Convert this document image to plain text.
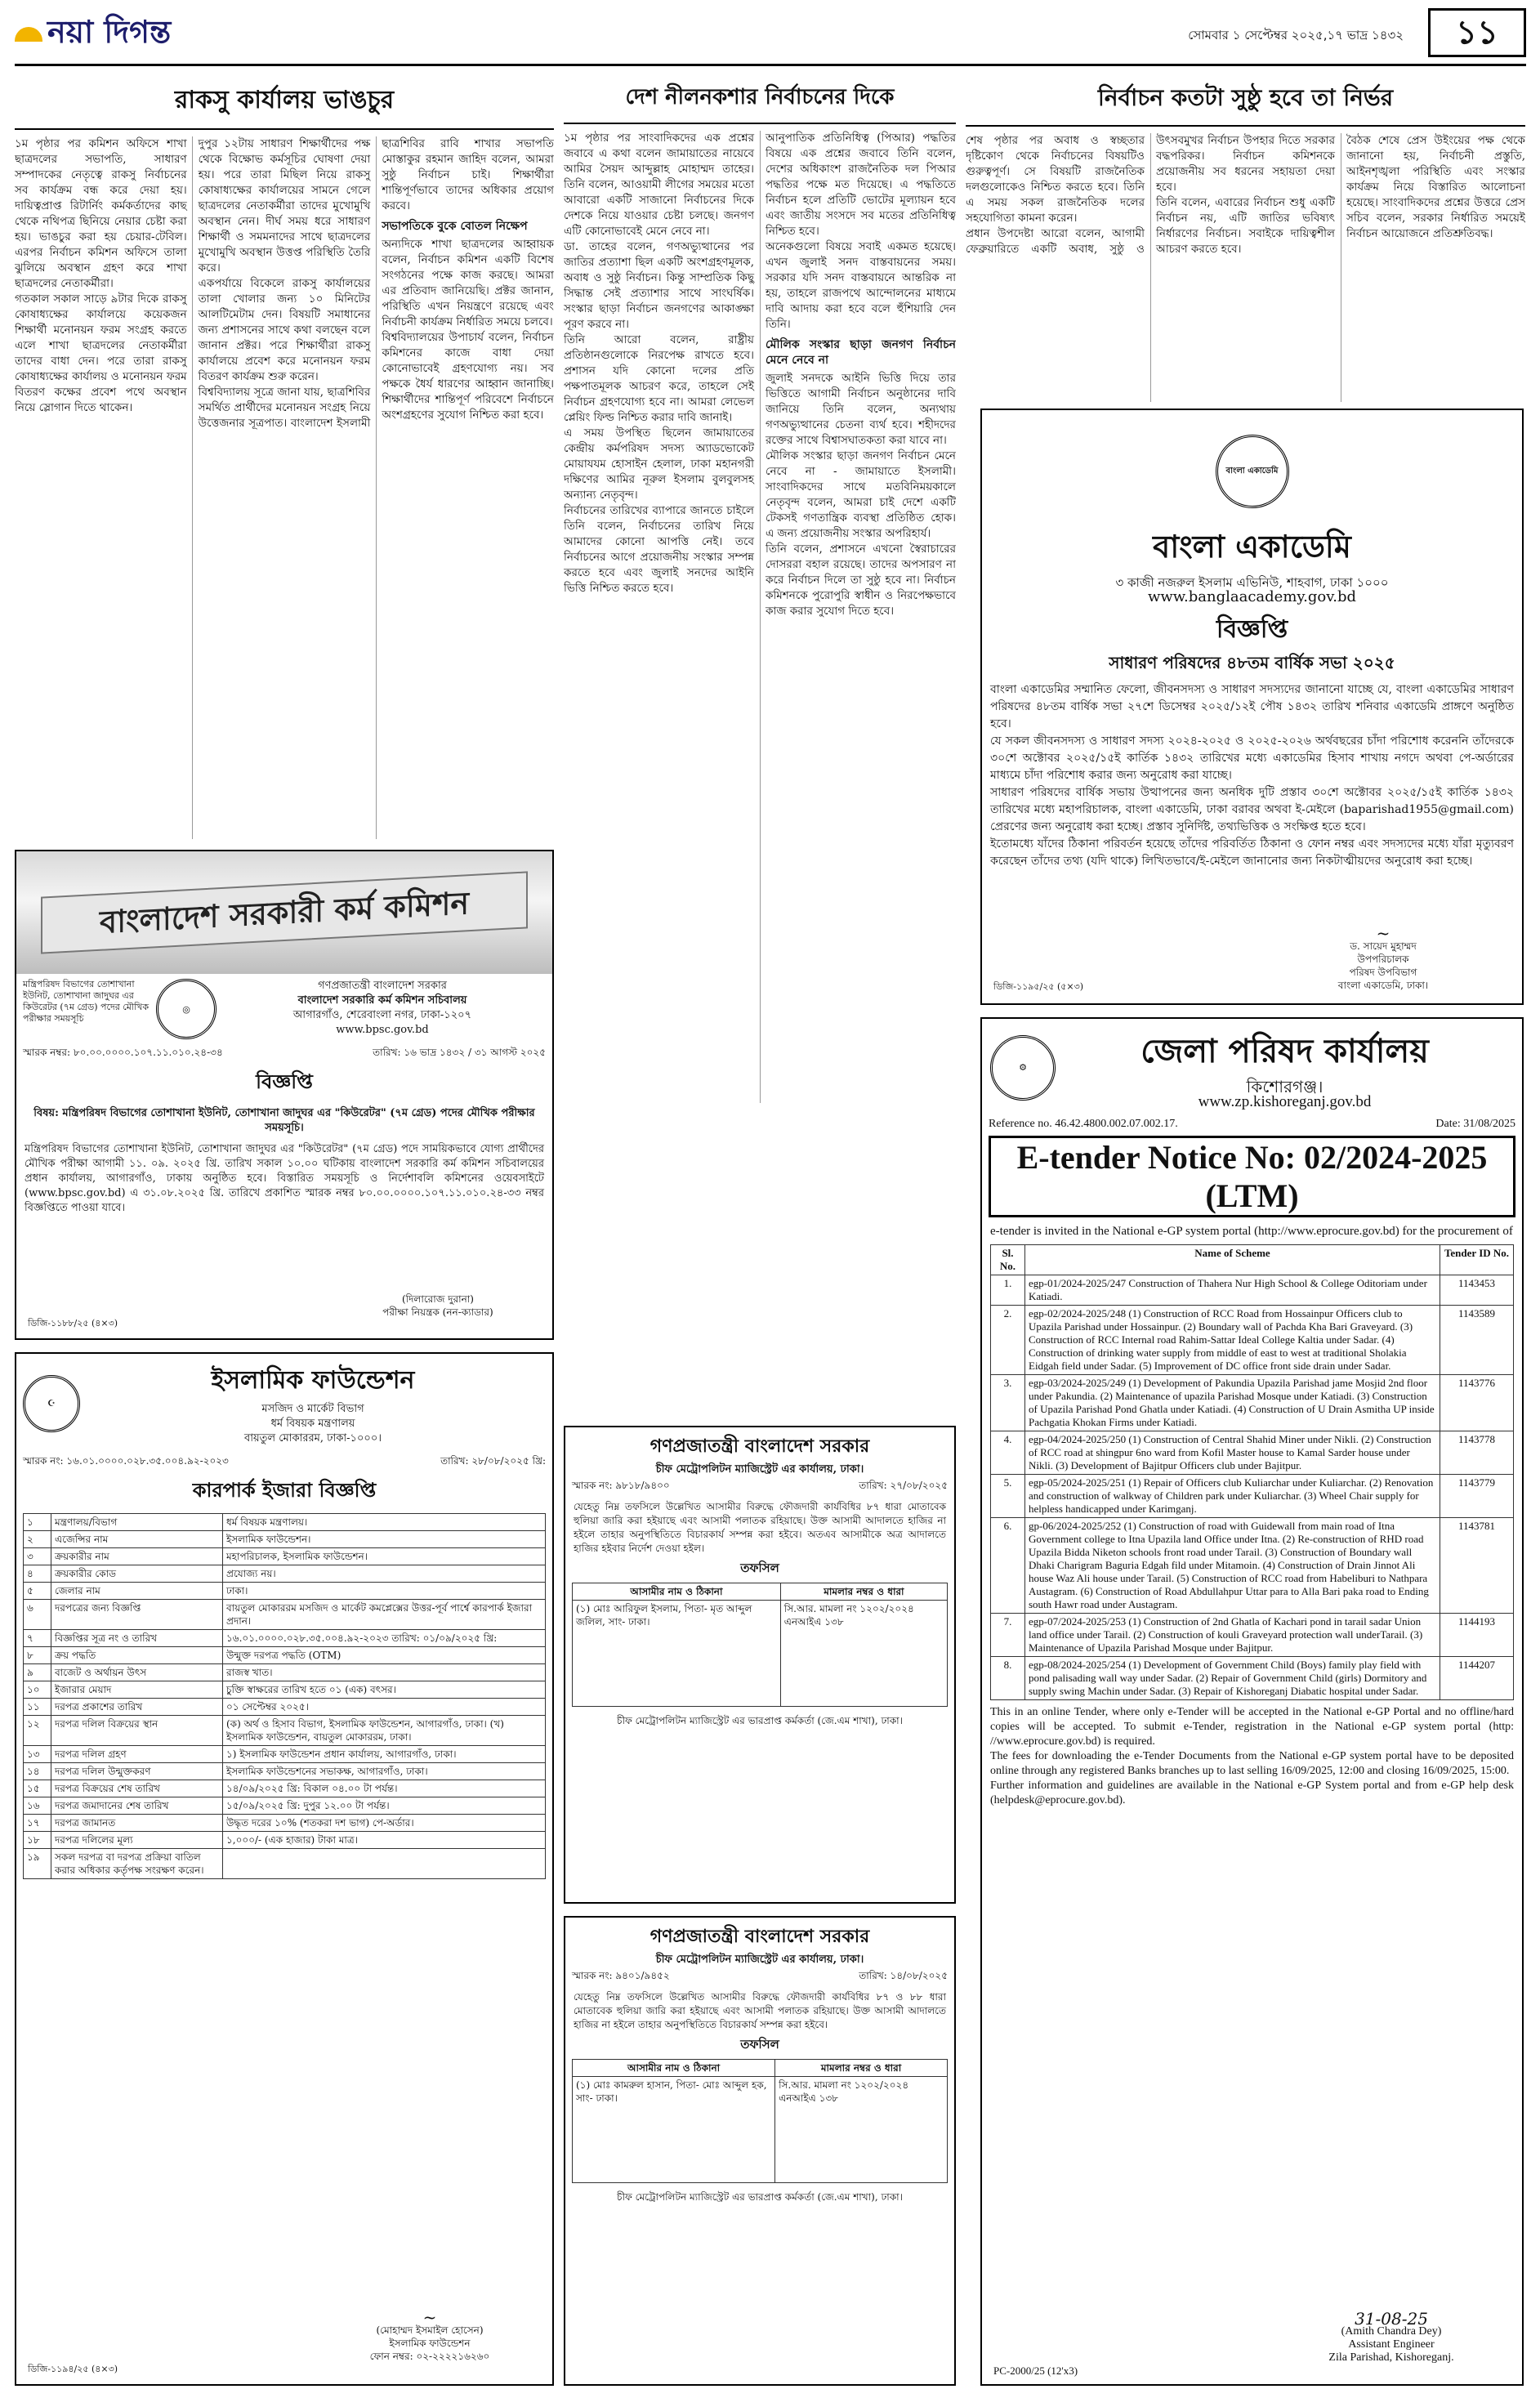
নয়া দিগন্ত	সোমবার ১ সেপ্টেম্বর ২০২৫,১৭ ভাদ্র ১৪৩২	১১
রাকসু কার্যালয় ভাঙচুর

১ম পৃষ্ঠার পর কমিশন অফিসে শাখা ছাত্রদলের সভাপতি, সাধারণ সম্পাদকের নেতৃত্বে রাকসু নির্বাচনের সব কার্যক্রম বন্ধ করে দেয়া হয়। দায়িত্বপ্রাপ্ত রিটার্নিং কর্মকর্তাদের কাছ থেকে নথিপত্র ছিনিয়ে নেয়ার চেষ্টা করা হয়। ভাঙচুর করা হয় চেয়ার-টেবিল। এরপর নির্বাচন কমিশন অফিসে তালা ঝুলিয়ে অবস্থান গ্রহণ করে শাখা ছাত্রদলের নেতাকর্মীরা।

গতকাল সকাল সাড়ে ৯টার দিকে রাকসু কোষাধ্যক্ষের কার্যালয়ে কয়েকজন শিক্ষার্থী মনোনয়ন ফরম সংগ্রহ করতে এলে শাখা ছাত্রদলের নেতাকর্মীরা তাদের বাধা দেন। পরে তারা রাকসু কোষাধ্যক্ষের কার্যালয় ও মনোনয়ন ফরম বিতরণ কক্ষের প্রবেশ পথে অবস্থান নিয়ে স্লোগান দিতে থাকেন।

দুপুর ১২টায় সাধারণ শিক্ষার্থীদের পক্ষ থেকে বিক্ষোভ কর্মসূচির ঘোষণা দেয়া হয়। পরে তারা মিছিল নিয়ে রাকসু কোষাধ্যক্ষের কার্যালয়ের সামনে গেলে ছাত্রদলের নেতাকর্মীরা তাদের মুখোমুখি অবস্থান নেন। দীর্ঘ সময় ধরে সাধারণ শিক্ষার্থী ও সমমনাদের সাথে ছাত্রদলের মুখোমুখি অবস্থান উত্তপ্ত পরিস্থিতি তৈরি করে।

একপর্যায়ে বিকেলে রাকসু কার্যালয়ের তালা খোলার জন্য ১০ মিনিটের আলটিমেটাম দেন। বিষয়টি সমাধানের জন্য প্রশাসনের সাথে কথা বলছেন বলে জানান প্রক্টর। পরে শিক্ষার্থীরা রাকসু কার্যালয়ে প্রবেশ করে মনোনয়ন ফরম বিতরণ কার্যক্রম শুরু করেন।

বিশ্ববিদ্যালয় সূত্রে জানা যায়, ছাত্রশিবির সমর্থিত প্রার্থীদের মনোনয়ন সংগ্রহ নিয়ে উত্তেজনার সূত্রপাত। বাংলাদেশ ইসলামী ছাত্রশিবির রাবি শাখার সভাপতি মোস্তাকুর রহমান জাহিদ বলেন, আমরা সুষ্ঠু নির্বাচন চাই। শিক্ষার্থীরা শান্তিপূর্ণভাবে তাদের অধিকার প্রয়োগ করবে।

সভাপতিকে বুকে বোতল নিক্ষেপ

অন্যদিকে শাখা ছাত্রদলের আহ্বায়ক বলেন, নির্বাচন কমিশন একটি বিশেষ সংগঠনের পক্ষে কাজ করছে। আমরা এর প্রতিবাদ জানিয়েছি। প্রক্টর জানান, পরিস্থিতি এখন নিয়ন্ত্রণে রয়েছে এবং নির্বাচনী কার্যক্রম নির্ধারিত সময়ে চলবে।

বিশ্ববিদ্যালয়ের উপাচার্য বলেন, নির্বাচন কমিশনের কাজে বাধা দেয়া কোনোভাবেই গ্রহণযোগ্য নয়। সব পক্ষকে ধৈর্য ধারণের আহ্বান জানাচ্ছি। শিক্ষার্থীদের শান্তিপূর্ণ পরিবেশে নির্বাচনে অংশগ্রহণের সুযোগ নিশ্চিত করা হবে।

দেশ নীলনকশার নির্বাচনের দিকে

১ম পৃষ্ঠার পর সাংবাদিকদের এক প্রশ্নের জবাবে এ কথা বলেন জামায়াতের নায়েবে আমির সৈয়দ আব্দুল্লাহ মোহাম্মদ তাহের। তিনি বলেন, আওয়ামী লীগের সময়ের মতো আবারো একটি সাজানো নির্বাচনের দিকে দেশকে নিয়ে যাওয়ার চেষ্টা চলছে। জনগণ এটি কোনোভাবেই মেনে নেবে না।

ডা. তাহের বলেন, গণঅভ্যুত্থানের পর জাতির প্রত্যাশা ছিল একটি অংশগ্রহণমূলক, অবাধ ও সুষ্ঠু নির্বাচন। কিন্তু সাম্প্রতিক কিছু সিদ্ধান্ত সেই প্রত্যাশার সাথে সাংঘর্ষিক। সংস্কার ছাড়া নির্বাচন জনগণের আকাঙ্ক্ষা পূরণ করবে না।

তিনি আরো বলেন, রাষ্ট্রীয় প্রতিষ্ঠানগুলোকে নিরপেক্ষ রাখতে হবে। প্রশাসন যদি কোনো দলের প্রতি পক্ষপাতমূলক আচরণ করে, তাহলে সেই নির্বাচন গ্রহণযোগ্য হবে না। আমরা লেভেল প্লেয়িং ফিল্ড নিশ্চিত করার দাবি জানাই।

এ সময় উপস্থিত ছিলেন জামায়াতের কেন্দ্রীয় কর্মপরিষদ সদস্য অ্যাডভোকেট মোয়াযযম হোসাইন হেলাল, ঢাকা মহানগরী দক্ষিণের আমির নূরুল ইসলাম বুলবুলসহ অন্যান্য নেতৃবৃন্দ।

নির্বাচনের তারিখের ব্যাপারে জানতে চাইলে তিনি বলেন, নির্বাচনের তারিখ নিয়ে আমাদের কোনো আপত্তি নেই। তবে নির্বাচনের আগে প্রয়োজনীয় সংস্কার সম্পন্ন করতে হবে এবং জুলাই সনদের আইনি ভিত্তি নিশ্চিত করতে হবে।

আনুপাতিক প্রতিনিধিত্ব (পিআর) পদ্ধতির বিষয়ে এক প্রশ্নের জবাবে তিনি বলেন, দেশের অধিকাংশ রাজনৈতিক দল পিআর পদ্ধতির পক্ষে মত দিয়েছে। এ পদ্ধতিতে নির্বাচন হলে প্রতিটি ভোটের মূল্যায়ন হবে এবং জাতীয় সংসদে সব মতের প্রতিনিধিত্ব নিশ্চিত হবে।

অনেকগুলো বিষয়ে সবাই একমত হয়েছে। এখন জুলাই সনদ বাস্তবায়নের সময়। সরকার যদি সনদ বাস্তবায়নে আন্তরিক না হয়, তাহলে রাজপথে আন্দোলনের মাধ্যমে দাবি আদায় করা হবে বলে হুঁশিয়ারি দেন তিনি।

মৌলিক সংস্কার ছাড়া জনগণ নির্বাচন মেনে নেবে না

জুলাই সনদকে আইনি ভিত্তি দিয়ে তার ভিত্তিতে আগামী নির্বাচন অনুষ্ঠানের দাবি জানিয়ে তিনি বলেন, অন্যথায় গণঅভ্যুত্থানের চেতনা ব্যর্থ হবে। শহীদদের রক্তের সাথে বিশ্বাসঘাতকতা করা যাবে না।

মৌলিক সংস্কার ছাড়া জনগণ নির্বাচন মেনে নেবে না - জামায়াতে ইসলামী। সাংবাদিকদের সাথে মতবিনিময়কালে নেতৃবৃন্দ বলেন, আমরা চাই দেশে একটি টেকসই গণতান্ত্রিক ব্যবস্থা প্রতিষ্ঠিত হোক। এ জন্য প্রয়োজনীয় সংস্কার অপরিহার্য।

তিনি বলেন, প্রশাসনে এখনো স্বৈরাচারের দোসররা বহাল রয়েছে। তাদের অপসারণ না করে নির্বাচন দিলে তা সুষ্ঠু হবে না। নির্বাচন কমিশনকে পুরোপুরি স্বাধীন ও নিরপেক্ষভাবে কাজ করার সুযোগ দিতে হবে।

নির্বাচন কতটা সুষ্ঠু হবে তা নির্ভর

শেষ পৃষ্ঠার পর অবাধ ও স্বচ্ছতার দৃষ্টিকোণ থেকে নির্বাচনের বিষয়টিও গুরুত্বপূর্ণ। সে বিষয়টি রাজনৈতিক দলগুলোকেও নিশ্চিত করতে হবে। তিনি এ সময় সকল রাজনৈতিক দলের সহযোগিতা কামনা করেন।

প্রধান উপদেষ্টা আরো বলেন, আগামী ফেব্রুয়ারিতে একটি অবাধ, সুষ্ঠু ও উৎসবমুখর নির্বাচন উপহার দিতে সরকার বদ্ধপরিকর। নির্বাচন কমিশনকে প্রয়োজনীয় সব ধরনের সহায়তা দেয়া হবে।

তিনি বলেন, এবারের নির্বাচন শুধু একটি নির্বাচন নয়, এটি জাতির ভবিষ্যৎ নির্ধারণের নির্বাচন। সবাইকে দায়িত্বশীল আচরণ করতে হবে।

বৈঠক শেষে প্রেস উইংয়ের পক্ষ থেকে জানানো হয়, নির্বাচনী প্রস্তুতি, আইনশৃঙ্খলা পরিস্থিতি এবং সংস্কার কার্যক্রম নিয়ে বিস্তারিত আলোচনা হয়েছে। সাংবাদিকদের প্রশ্নের উত্তরে প্রেস সচিব বলেন, সরকার নির্ধারিত সময়েই নির্বাচন আয়োজনে প্রতিশ্রুতিবদ্ধ।

বাংলা একাডেমি
বাংলা একাডেমি
৩ কাজী নজরুল ইসলাম এভিনিউ, শাহবাগ, ঢাকা ১০০০
www.banglaacademy.gov.bd
বিজ্ঞপ্তি
সাধারণ পরিষদের ৪৮তম বার্ষিক সভা ২০২৫

বাংলা একাডেমির সম্মানিত ফেলো, জীবনসদস্য ও সাধারণ সদস্যদের জানানো যাচ্ছে যে, বাংলা একাডেমির সাধারণ পরিষদের ৪৮তম বার্ষিক সভা ২৭শে ডিসেম্বর ২০২৫/১২ই পৌষ ১৪৩২ তারিখ শনিবার একাডেমি প্রাঙ্গণে অনুষ্ঠিত হবে।

যে সকল জীবনসদস্য ও সাধারণ সদস্য ২০২৪-২০২৫ ও ২০২৫-২০২৬ অর্থবছরের চাঁদা পরিশোধ করেননি তাঁদেরকে ৩০শে অক্টোবর ২০২৫/১৫ই কার্তিক ১৪৩২ তারিখের মধ্যে একাডেমির হিসাব শাখায় নগদে অথবা পে-অর্ডারের মাধ্যমে চাঁদা পরিশোধ করার জন্য অনুরোধ করা যাচ্ছে।

সাধারণ পরিষদের বার্ষিক সভায় উত্থাপনের জন্য অনধিক দুটি প্রস্তাব ৩০শে অক্টোবর ২০২৫/১৫ই কার্তিক ১৪৩২ তারিখের মধ্যে মহাপরিচালক, বাংলা একাডেমি, ঢাকা বরাবর অথবা ই-মেইলে (baparishad1955@gmail.com) প্রেরণের জন্য অনুরোধ করা হচ্ছে। প্রস্তাব সুনির্দিষ্ট, তথ্যভিত্তিক ও সংক্ষিপ্ত হতে হবে।

ইতোমধ্যে যাঁদের ঠিকানা পরিবর্তন হয়েছে তাঁদের পরিবর্তিত ঠিকানা ও ফোন নম্বর এবং সদস্যদের মধ্যে যাঁরা মৃত্যুবরণ করেছেন তাঁদের তথ্য (যদি থাকে) লিখিতভাবে/ই-মেইলে জানানোর জন্য নিকটাত্মীয়দের অনুরোধ করা হচ্ছে।

~
ড. সায়েদ মুহাম্মদ
উপপরিচালক
পরিষদ উপবিভাগ
বাংলা একাডেমি, ঢাকা।
ডিজি-১১৯৫/২৫ (৫×৩)
বাংলাদেশ সরকারী কর্ম কমিশন
মন্ত্রিপরিষদ বিভাগের তোশাখানা ইউনিট, তোশাখানা জাদুঘর এর কিউরেটর (৭ম গ্রেড) পদের মৌখিক পরীক্ষার সময়সূচি
◎
গণপ্রজাতন্ত্রী বাংলাদেশ সরকার
বাংলাদেশ সরকারি কর্ম কমিশন সচিবালয়
আগারগাঁও, শেরেবাংলা নগর, ঢাকা-১২০৭
www.bpsc.gov.bd
স্মারক নম্বর: ৮০.০০.০০০০.১০৭.১১.০১০.২৪-৩৪	তারিখ: ১৬ ভাদ্র ১৪৩২ / ৩১ আগস্ট ২০২৫
বিজ্ঞপ্তি
বিষয়: মন্ত্রিপরিষদ বিভাগের তোশাখানা ইউনিট, তোশাখানা জাদুঘর এর "কিউরেটর" (৭ম গ্রেড) পদের মৌখিক পরীক্ষার সময়সূচি।
মন্ত্রিপরিষদ বিভাগের তোশাখানা ইউনিট, তোশাখানা জাদুঘর এর "কিউরেটর" (৭ম গ্রেড) পদে সাময়িকভাবে যোগ্য প্রার্থীদের মৌখিক পরীক্ষা আগামী ১১. ০৯. ২০২৫ খ্রি. তারিখ সকাল ১০.০০ ঘটিকায় বাংলাদেশ সরকারি কর্ম কমিশন সচিবালয়ের প্রধান কার্যালয়, আগারগাঁও, ঢাকায় অনুষ্ঠিত হবে। বিস্তারিত সময়সূচি ও নির্দেশাবলি কমিশনের ওয়েবসাইটে (www.bpsc.gov.bd) এ ৩১.০৮.২০২৫ খ্রি. তারিখে প্রকাশিত স্মারক নম্বর ৮০.০০.০০০০.১০৭.১১.০১০.২৪-৩৩ নম্বর বিজ্ঞপ্তিতে পাওয়া যাবে।
(দিলারোজ দুরানা)
পরীক্ষা নিয়ন্ত্রক (নন-ক্যাডার)
ডিজি-১১৮৮/২৫ (৪×৩)
☪
ইসলামিক ফাউন্ডেশন
মসজিদ ও মার্কেট বিভাগ
ধর্ম বিষয়ক মন্ত্রণালয়
বায়তুল মোকাররম, ঢাকা-১০০০।
স্মারক নং: ১৬.০১.০০০০.০২৮.৩৫.০০৪.৯২-২০২৩	তারিখ: ২৮/০৮/২০২৫ খ্রি:
কারপার্ক ইজারা বিজ্ঞপ্তি
১	মন্ত্রণালয়/বিভাগ	ধর্ম বিষয়ক মন্ত্রণালয়।
২	এজেন্সির নাম	ইসলামিক ফাউন্ডেশন।
৩	ক্রয়কারীর নাম	মহাপরিচালক, ইসলামিক ফাউন্ডেশন।
৪	ক্রয়কারীর কোড	প্রযোজ্য নয়।
৫	জেলার নাম	ঢাকা।
৬	দরপত্রের জন্য বিজ্ঞপ্তি	বায়তুল মোকাররম মসজিদ ও মার্কেট কমপ্লেক্সের উত্তর-পূর্ব পার্শ্বে কারপার্ক ইজারা প্রদান।
৭	বিজ্ঞপ্তির সূত্র নং ও তারিখ	১৬.০১.০০০০.০২৮.৩৫.০০৪.৯২-২০২৩ তারিখ: ০১/০৯/২০২৫ খ্রি:
৮	ক্রয় পদ্ধতি	উন্মুক্ত দরপত্র পদ্ধতি (OTM)
৯	বাজেট ও অর্থায়ন উৎস	রাজস্ব খাত।
১০	ইজারার মেয়াদ	চুক্তি স্বাক্ষরের তারিখ হতে ০১ (এক) বৎসর।
১১	দরপত্র প্রকাশের তারিখ	০১ সেপ্টেম্বর ২০২৫।
১২	দরপত্র দলিল বিক্রয়ের স্থান	(ক) অর্থ ও হিসাব বিভাগ, ইসলামিক ফাউন্ডেশন, আগারগাঁও, ঢাকা। (খ) ইসলামিক ফাউন্ডেশন, বায়তুল মোকাররম, ঢাকা।
১৩	দরপত্র দলিল গ্রহণ	১) ইসলামিক ফাউন্ডেশন প্রধান কার্যালয়, আগারগাঁও, ঢাকা।
১৪	দরপত্র দলিল উন্মুক্তকরণ	ইসলামিক ফাউন্ডেশনের সভাকক্ষ, আগারগাঁও, ঢাকা।
১৫	দরপত্র বিক্রয়ের শেষ তারিখ	১৪/০৯/২০২৫ খ্রি: বিকাল ০৪.০০ টা পর্যন্ত।
১৬	দরপত্র জমাদানের শেষ তারিখ	১৫/০৯/২০২৫ খ্রি: দুপুর ১২.০০ টা পর্যন্ত।
১৭	দরপত্র জামানত	উদ্ধৃত দরের ১০% (শতকরা দশ ভাগ) পে-অর্ডার।
১৮	দরপত্র দলিলের মূল্য	১,০০০/- (এক হাজার) টাকা মাত্র।
১৯	সকল দরপত্র বা দরপত্র প্রক্রিয়া বাতিল করার অধিকার কর্তৃপক্ষ সংরক্ষণ করেন।	
~
(মোহাম্মদ ইসমাইল হোসেন)
ইসলামিক ফাউন্ডেশন
ফোন নম্বর: ০২-২২২২১৬২৬০
ডিজি-১১৯৪/২৫ (৪×৩)
গণপ্রজাতন্ত্রী বাংলাদেশ সরকার
চীফ মেট্রোপলিটন ম্যাজিস্ট্রেট এর কার্যালয়, ঢাকা।
স্মারক নং: ৯৮১৮/৯৪০০	তারিখ: ২৭/০৮/২০২৫
যেহেতু নিম্ন তফসিলে উল্লেখিত আসামীর বিরুদ্ধে ফৌজদারী কার্যবিধির ৮৭ ধারা মোতাবেক হুলিয়া জারি করা হইয়াছে এবং আসামী পলাতক রহিয়াছে। উক্ত আসামী আদালতে হাজির না হইলে তাহার অনুপস্থিতিতে বিচারকার্য সম্পন্ন করা হইবে। অতএব আসামীকে অত্র আদালতে হাজির হইবার নির্দেশ দেওয়া হইল।
তফসিল
আসামীর নাম ও ঠিকানা	মামলার নম্বর ও ধারা
(১) মোঃ আরিফুল ইসলাম, পিতা- মৃত আব্দুল জলিল, সাং- ঢাকা।	সি.আর. মামলা নং ১২০২/২০২৪ এনআইএ ১৩৮
চীফ মেট্রোপলিটন ম্যাজিস্ট্রেট এর ভারপ্রাপ্ত কর্মকর্তা (জে.এম শাখা), ঢাকা।
গণপ্রজাতন্ত্রী বাংলাদেশ সরকার
চীফ মেট্রোপলিটন ম্যাজিস্ট্রেট এর কার্যালয়, ঢাকা।
স্মারক নং: ৯৪০১/৯৪৫২	তারিখ: ১৪/০৮/২০২৫
যেহেতু নিম্ন তফসিলে উল্লেখিত আসামীর বিরুদ্ধে ফৌজদারী কার্যবিধির ৮৭ ও ৮৮ ধারা মোতাবেক হুলিয়া জারি করা হইয়াছে এবং আসামী পলাতক রহিয়াছে। উক্ত আসামী আদালতে হাজির না হইলে তাহার অনুপস্থিতিতে বিচারকার্য সম্পন্ন করা হইবে।
তফসিল
আসামীর নাম ও ঠিকানা	মামলার নম্বর ও ধারা
(১) মোঃ কামরুল হাসান, পিতা- মোঃ আব্দুল হক, সাং- ঢাকা।	সি.আর. মামলা নং ১২০২/২০২৪ এনআইএ ১৩৮
চীফ মেট্রোপলিটন ম্যাজিস্ট্রেট এর ভারপ্রাপ্ত কর্মকর্তা (জে.এম শাখা), ঢাকা।
⚙	জেলা পরিষদ কার্যালয়
কিশোরগঞ্জ।
www.zp.kishoreganj.gov.bd
Reference no. 46.42.4800.002.07.002.17.	Date: 31/08/2025
E-tender Notice No: 02/2024-2025 (LTM)
e-tender is invited in the National e-GP system portal (http://www.eprocure.gov.bd) for the procurement of
Sl. No.	Name of Scheme	Tender ID No.
1.	egp-01/2024-2025/247 Construction of Thahera Nur High School & College Oditoriam under Katiadi.	1143453
2.	egp-02/2024-2025/248 (1) Construction of RCC Road from Hossainpur Officers club to Upazila Parishad under Hossainpur. (2) Boundary wall of Pachda Kha Bari Graveyard. (3) Construction of RCC Internal road Rahim-Sattar Ideal College Kaltia under Sadar. (4) Construction of drinking water supply from middle of east to west at traditional Sholakia Eidgah field under Sadar. (5) Improvement of DC office front side drain under Sadar.	1143589
3.	egp-03/2024-2025/249 (1) Development of Pakundia Upazila Parishad jame Mosjid 2nd floor under Pakundia. (2) Maintenance of upazila Parishad Mosque under Katiadi. (3) Construction of Upazila Parishad Pond Ghatla under Katiadi. (4) Construction of U Drain Asmitha UP inside Pachgatia Khokan Firms under Katiadi.	1143776
4.	egp-04/2024-2025/250 (1) Construction of Central Shahid Miner under Nikli. (2) Construction of RCC road at shingpur 6no ward from Kofil Master house to Kamal Sarder house under Nikli. (3) Development of Bajitpur Officers club under Bajitpur.	1143778
5.	egp-05/2024-2025/251 (1) Repair of Officers club Kuliarchar under Kuliarchar. (2) Renovation and construction of walkway of Children park under Kuliarchar. (3) Wheel Chair supply for helpless handicapped under Karimganj.	1143779
6.	gp-06/2024-2025/252 (1) Construction of road with Guidewall from main road of Itna Government college to Itna Upazila land Office under Itna. (2) Re-construction of RHD road Upazila Bidda Niketon schools front road under Tarail. (3) Construction of Boundary wall Dhaki Charigram Baguria Edgah fild under Mitamoin. (4) Construction of Drain Jinnot Ali house Waz Ali house under Tarail. (5) Construction of RCC road from Habeliburi to Nathpara Austagram. (6) Construction of Road Abdullahpur Uttar para to Alla Bari paka road to Ending south Hawr road under Austagram.	1143781
7.	egp-07/2024-2025/253 (1) Construction of 2nd Ghatla of Kachari pond in tarail sadar Union land office under Tarail. (2) Construction of kouli Graveyard protection wall underTarail. (3) Maintenance of Upazila Parishad Mosque under Bajitpur.	1144193
8.	egp-08/2024-2025/254 (1) Development of Government Child (Boys) family play field with pond palisading wall way under Sadar. (2) Repair of Government Child (girls) Dormitory and supply swing Machin under Sadar. (3) Repair of Kishoreganj Diabatic hospital under Sadar.	1144207

This in an online Tender, where only e-Tender will be accepted in the National e-GP Portal and no offline/hard copies will be accepted. To submit e-Tender, registration in the National e-GP system portal (http: //www.eprocure.gov.bd) is required.

The fees for downloading the e-Tender Documents from the National e-GP system portal have to be deposited online through any registered Banks branches up to last selling 16/09/2025, 12:00 and closing 16/09/2025, 15:00.

Further information and guidelines are available in the National e-GP System portal and from e-GP help desk (helpdesk@eprocure.gov.bd).

31-08-25
(Amith Chandra Dey)
Assistant Engineer
Zila Parishad, Kishoreganj.
PC-2000/25 (12'x3)
